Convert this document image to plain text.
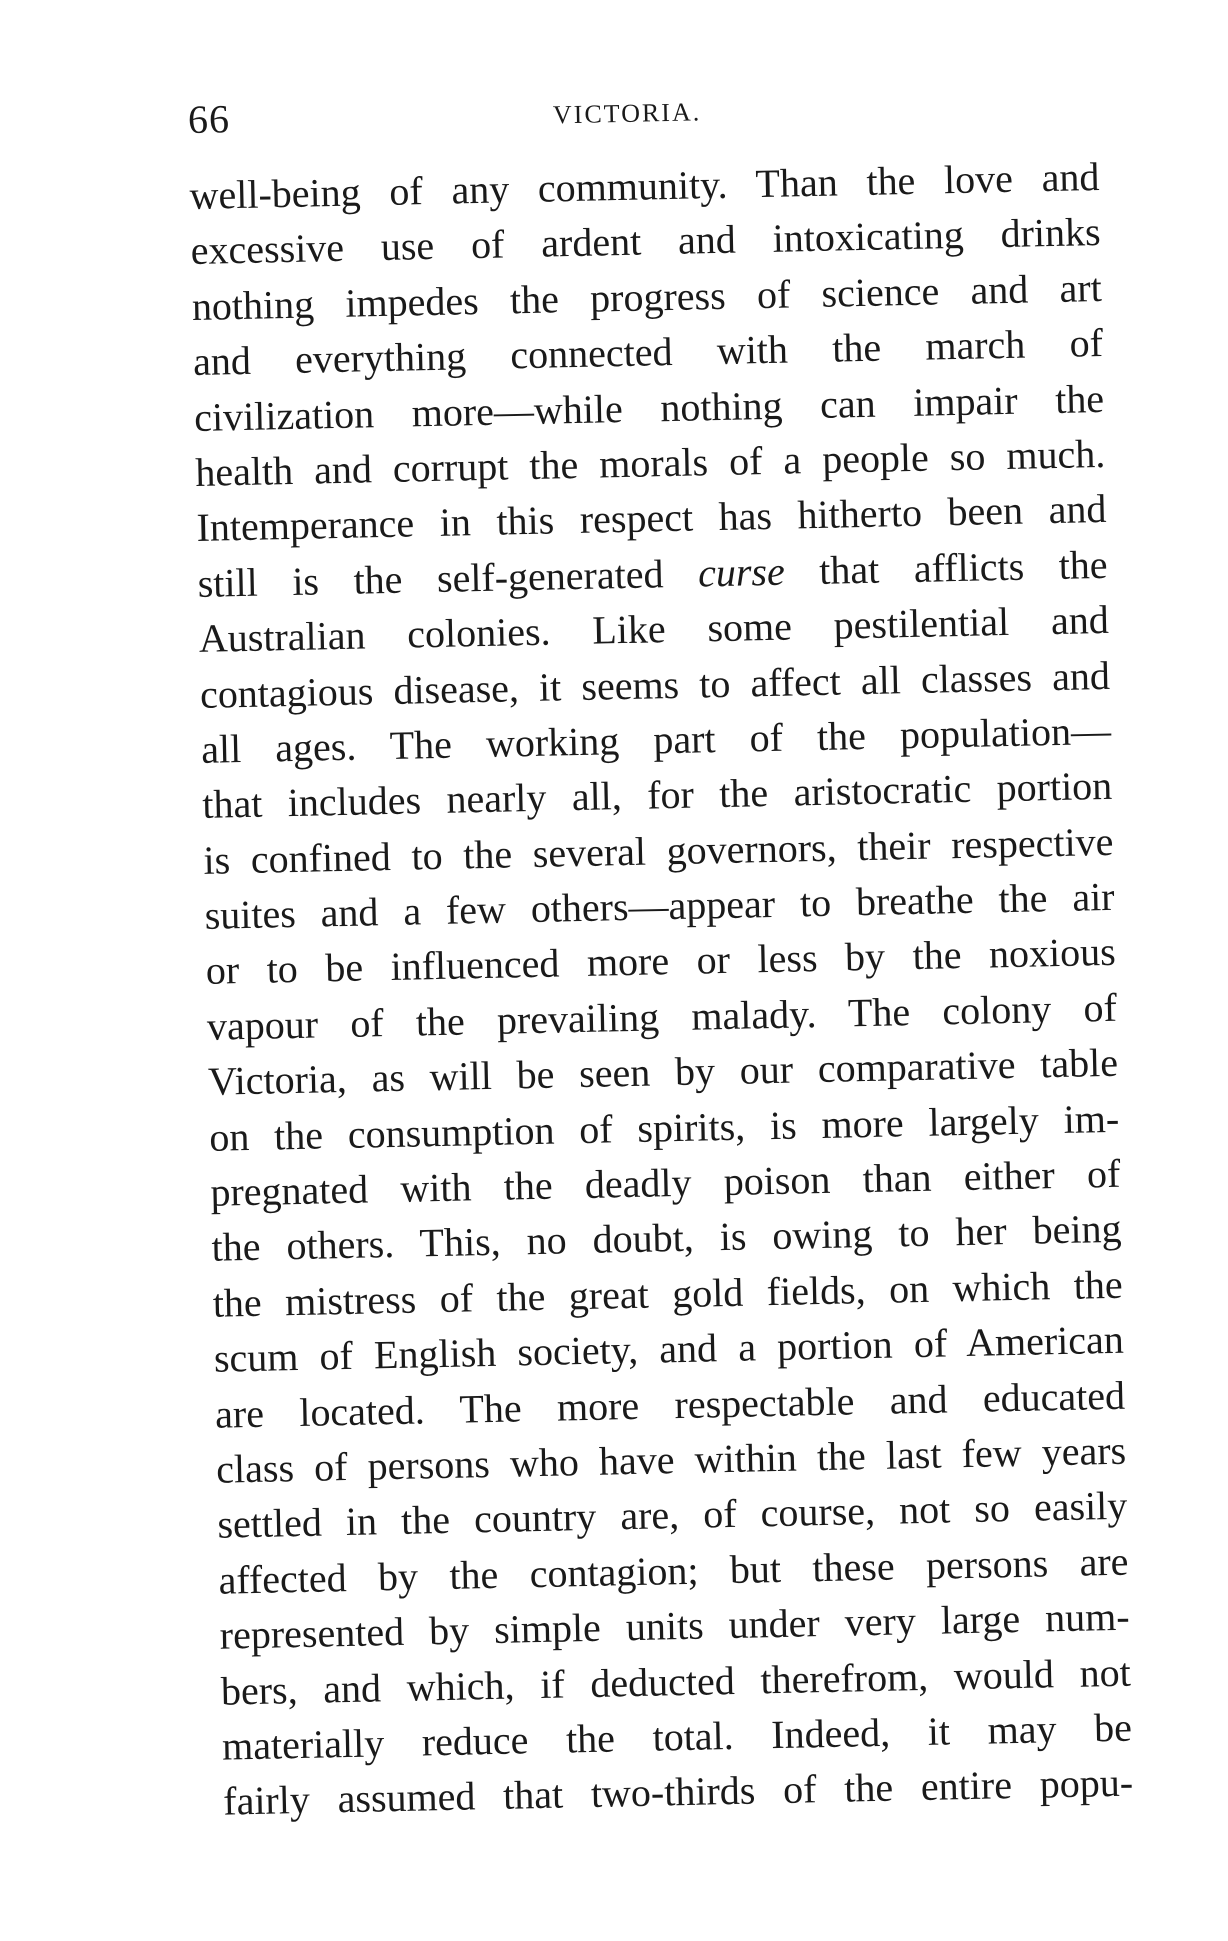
66	VICTORIA.
well-being of any community. Than the love and
excessive use of ardent and intoxicating drinks
nothing impedes the progress of science and art
and everything connected with the march of
civilization more—while nothing can impair the
health and corrupt the morals of a people so much.
Intemperance in this respect has hitherto been and
still is the self-generated curse that afflicts the
Australian colonies. Like some pestilential and
contagious disease, it seems to affect all classes and
all ages. The working part of the population—
that includes nearly all, for the aristocratic portion
is confined to the several governors, their respective
suites and a few others—appear to breathe the air
or to be influenced more or less by the noxious
vapour of the prevailing malady. The colony of
Victoria, as will be seen by our comparative table
on the consumption of spirits, is more largely im-
pregnated with the deadly poison than either of
the others. This, no doubt, is owing to her being
the mistress of the great gold fields, on which the
scum of English society, and a portion of American
are located. The more respectable and educated
class of persons who have within the last few years
settled in the country are, of course, not so easily
affected by the contagion; but these persons are
represented by simple units under very large num-
bers, and which, if deducted therefrom, would not
materially reduce the total. Indeed, it may be
fairly assumed that two-thirds of the entire popu-
